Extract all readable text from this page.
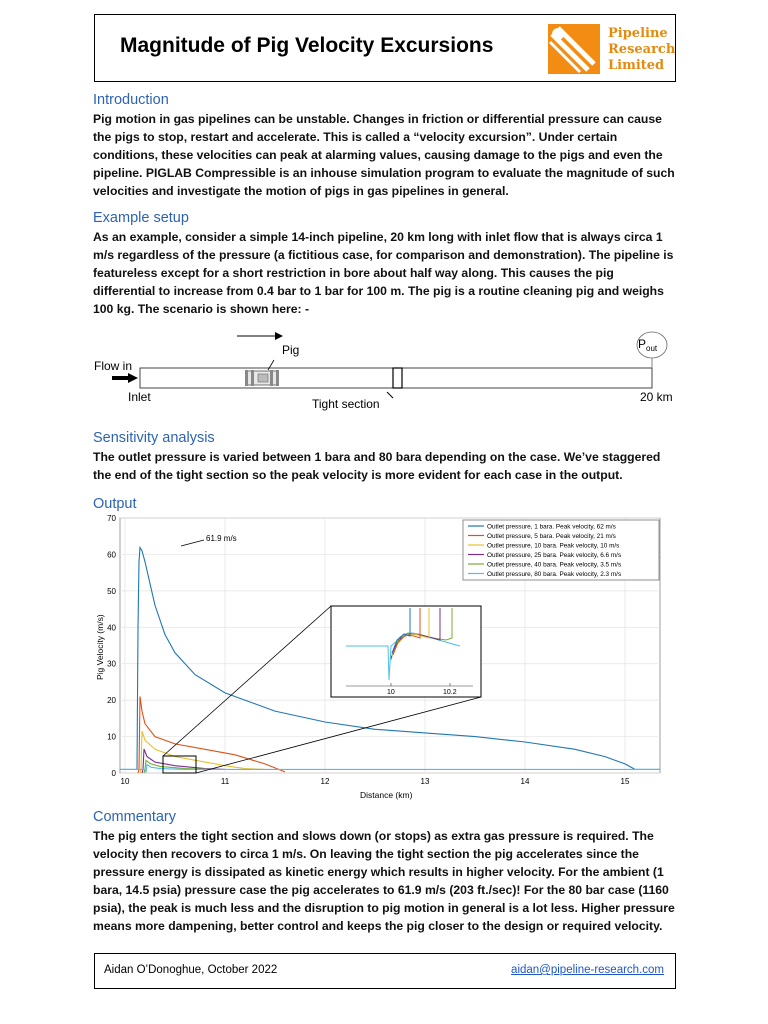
Magnitude of Pig Velocity Excursions
Pipeline
Research
Limited
Introduction

Pig motion in gas pipelines can be unstable. Changes in friction or differential pressure can cause the pigs to stop, restart and accelerate. This is called a “velocity excursion”. Under certain conditions, these velocities can peak at alarming values, causing damage to the pigs and even the pipeline. PIGLAB Compressible is an inhouse simulation program to evaluate the magnitude of such velocities and investigate the motion of pigs in gas pipelines in general.

Example setup

As an example, consider a simple 14-inch pipeline, 20 km long with inlet flow that is always circa 1 m/s regardless of the pressure (a fictitious case, for comparison and demonstration). The pipeline is featureless except for a short restriction in bore about half way along. This causes the pig differential to increase from 0.4 bar to 1 bar for 100 m. The pig is a routine cleaning pig and weighs 100 kg. The scenario is shown here: -

Pig
Flow in
Inlet	Tight section	20 km
$P_{out}$
Sensitivity analysis

The outlet pressure is varied between 1 bara and 80 bara depending on the case. We’ve staggered the end of the tight section so the peak velocity is more evident for each case in the output.

Output
0
10
20
30
40
50
60
70
10	11	12	13	14	15
10	10.2
Outlet pressure, 1 bara. Peak velocity, 62 m/s
Outlet pressure, 5 bara. Peak velocity, 21 m/s
Outlet pressure, 10 bara. Peak velocity, 10 m/s
Outlet pressure, 25 bara. Peak velocity, 6.6 m/s
Outlet pressure, 40 bara. Peak velocity, 3.5 m/s
Outlet pressure, 80 bara. Peak velocity, 2.3 m/s
61.9 m/s
Distance (km)
Pig Velocity (m/s)
Commentary

The pig enters the tight section and slows down (or stops) as extra gas pressure is required. The velocity then recovers to circa 1 m/s. On leaving the tight section the pig accelerates since the pressure energy is dissipated as kinetic energy which results in higher velocity. For the ambient (1 bara, 14.5 psia) pressure case the pig accelerates to 61.9 m/s (203 ft./sec)! For the 80 bar case (1160 psia), the peak is much less and the disruption to pig motion in general is a lot less. Higher pressure means more dampening, better control and keeps the pig closer to the design or required velocity.

Aidan O’Donoghue, October 2022	aidan@pipeline-research.com
